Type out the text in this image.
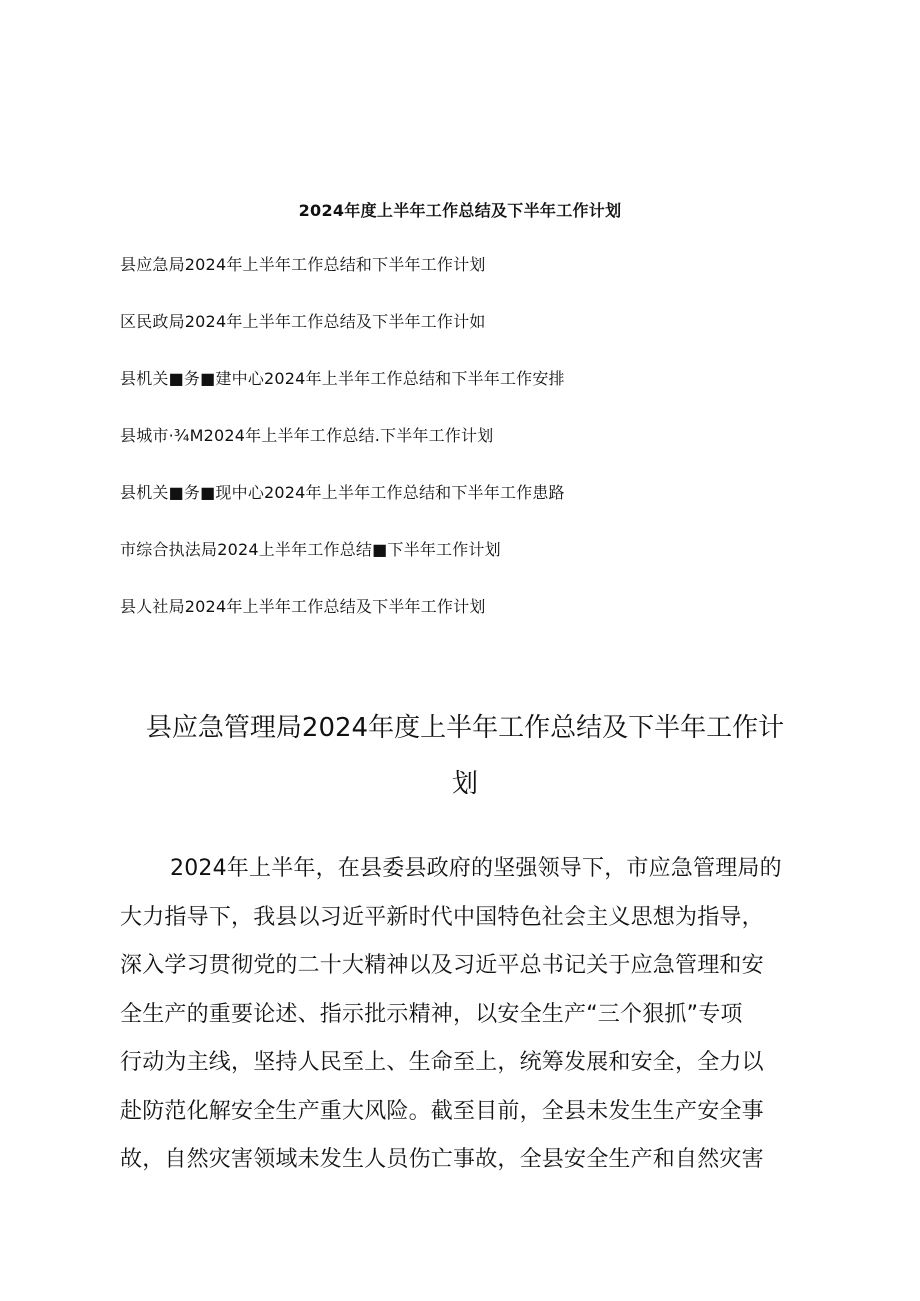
2024年度上半年工作总结及下半年工作计划
县应急局2024年上半年工作总结和下半年工作计划
区民政局2024年上半年工作总结及下半年工作计如
县机关■务■建中心2024年上半年工作总结和下半年工作安排
县城市·¾M2024年上半年工作总结.下半年工作计划
县机关■务■现中心2024年上半年工作总结和下半年工作患路
市综合执法局2024上半年工作总结■下半年工作计划
县人社局2024年上半年工作总结及下半年工作计划
县应急管理局2024年度上半年工作总结及下半年工作计
划
2024年上半年，在县委县政府的坚强领导下，市应急管理局的
大力指导下，我县以习近平新时代中国特色社会主义思想为指导，
深入学习贯彻党的二十大精神以及习近平总书记关于应急管理和安
全生产的重要论述、指示批示精神，以安全生产“三个狠抓”专项
行动为主线，坚持人民至上、生命至上，统筹发展和安全，全力以
赴防范化解安全生产重大风险。截至目前，全县未发生生产安全事
故，自然灾害领域未发生人员伤亡事故，全县安全生产和自然灾害
